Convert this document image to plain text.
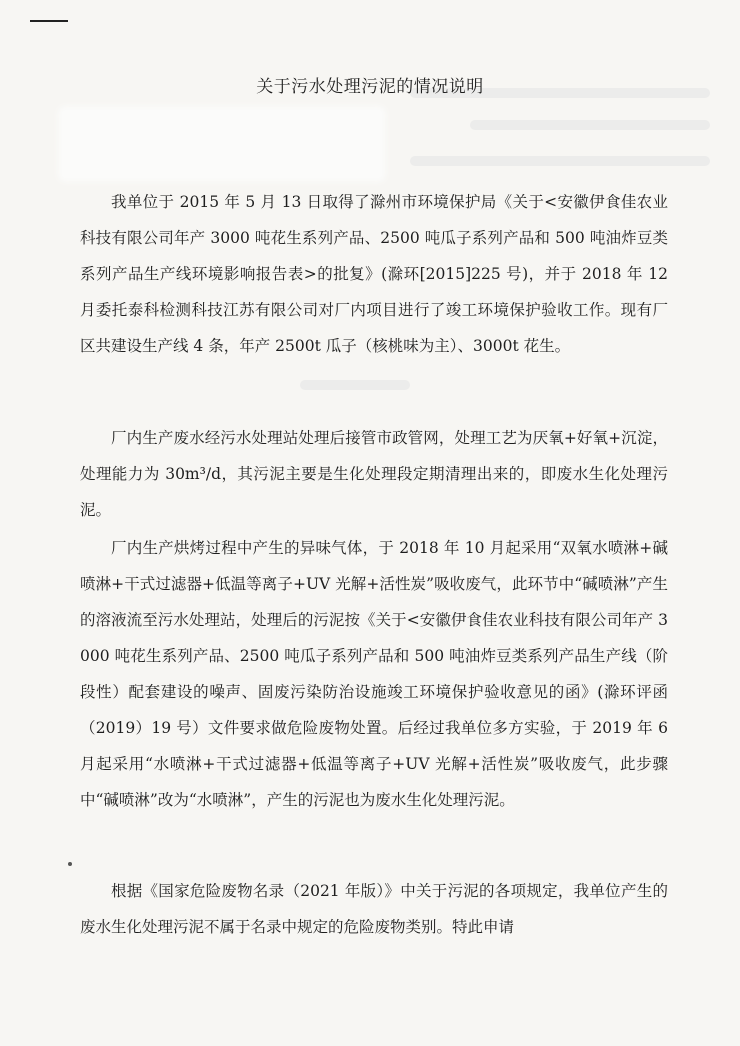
关于污水处理污泥的情况说明

我单位于 2015 年 5 月 13 日取得了滁州市环境保护局《关于<安徽伊食佳农业科技有限公司年产 3000 吨花生系列产品、2500 吨瓜子系列产品和 500 吨油炸豆类系列产品生产线环境影响报告表>的批复》(滁环[2015]225 号)，并于 2018 年 12 月委托泰科检测科技江苏有限公司对厂内项目进行了竣工环境保护验收工作。现有厂区共建设生产线 4 条，年产 2500t 瓜子（核桃味为主）、3000t 花生。

厂内生产废水经污水处理站处理后接管市政管网，处理工艺为厌氧+好氧+沉淀，处理能力为 30m³/d，其污泥主要是生化处理段定期清理出来的，即废水生化处理污泥。

厂内生产烘烤过程中产生的异味气体，于 2018 年 10 月起采用“双氧水喷淋+碱喷淋+干式过滤器+低温等离子+UV 光解+活性炭”吸收废气，此环节中“碱喷淋”产生的溶液流至污水处理站，处理后的污泥按《关于<安徽伊食佳农业科技有限公司年产 3000 吨花生系列产品、2500 吨瓜子系列产品和 500 吨油炸豆类系列产品生产线（阶段性）配套建设的噪声、固废污染防治设施竣工环境保护验收意见的函》(滁环评函（2019）19 号）文件要求做危险废物处置。后经过我单位多方实验，于 2019 年 6 月起采用“水喷淋+干式过滤器+低温等离子+UV 光解+活性炭”吸收废气，此步骤中“碱喷淋”改为“水喷淋”，产生的污泥也为废水生化处理污泥。

根据《国家危险废物名录（2021 年版）》中关于污泥的各项规定，我单位产生的废水生化处理污泥不属于名录中规定的危险废物类别。特此申请
